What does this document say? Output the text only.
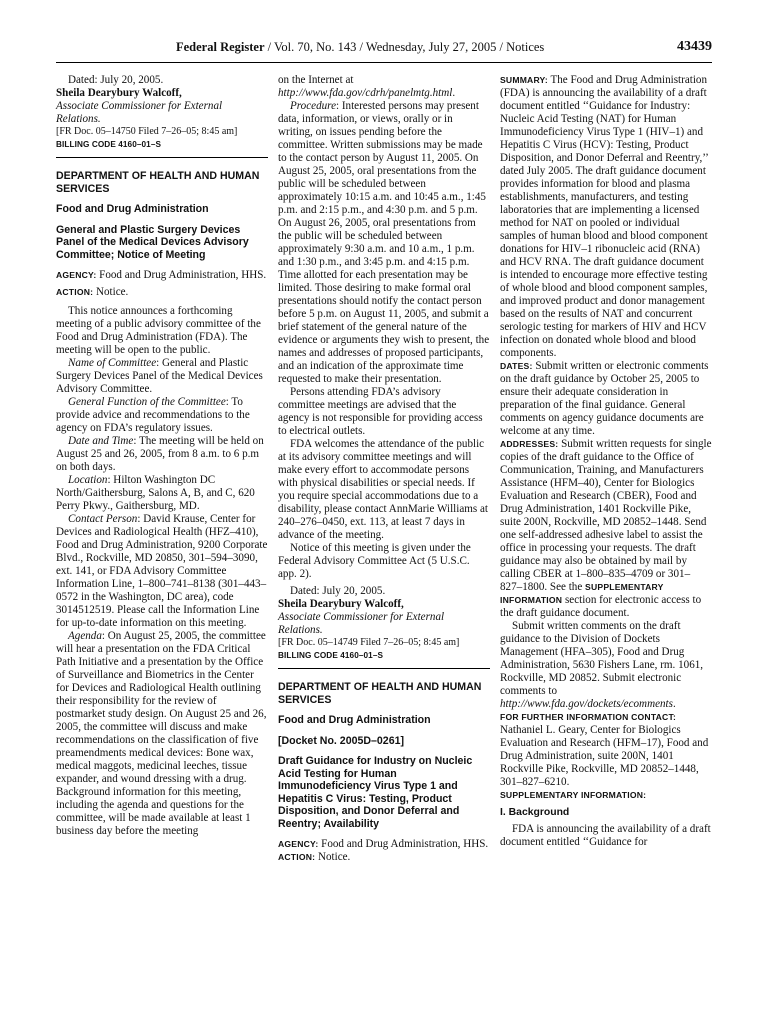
Federal Register / Vol. 70, No. 143 / Wednesday, July 27, 2005 / Notices	43439

Dated: July 20, 2005.

Sheila Dearybury Walcoff,

Associate Commissioner for External Relations.

[FR Doc. 05–14750 Filed 7–26–05; 8:45 am]

BILLING CODE 4160–01–S

DEPARTMENT OF HEALTH AND HUMAN SERVICES

Food and Drug Administration

General and Plastic Surgery Devices Panel of the Medical Devices Advisory Committee; Notice of Meeting

AGENCY: Food and Drug Administration, HHS.

ACTION: Notice.

This notice announces a forthcoming meeting of a public advisory committee of the Food and Drug Administration (FDA). The meeting will be open to the public.

Name of Committee: General and Plastic Surgery Devices Panel of the Medical Devices Advisory Committee.

General Function of the Committee: To provide advice and recommendations to the agency on FDA’s regulatory issues.

Date and Time: The meeting will be held on August 25 and 26, 2005, from 8 a.m. to 6 p.m on both days.

Location: Hilton Washington DC North/Gaithersburg, Salons A, B, and C, 620 Perry Pkwy., Gaithersburg, MD.

Contact Person: David Krause, Center for Devices and Radiological Health (HFZ–410), Food and Drug Administration, 9200 Corporate Blvd., Rockville, MD 20850, 301–594–3090, ext. 141, or FDA Advisory Committee Information Line, 1–800–741–8138 (301–443–0572 in the Washington, DC area), code 3014512519. Please call the Information Line for up-to-date information on this meeting.

Agenda: On August 25, 2005, the committee will hear a presentation on the FDA Critical Path Initiative and a presentation by the Office of Surveillance and Biometrics in the Center for Devices and Radiological Health outlining their responsibility for the review of postmarket study design. On August 25 and 26, 2005, the committee will discuss and make recommendations on the classification of five preamendments medical devices: Bone wax, medical maggots, medicinal leeches, tissue expander, and wound dressing with a drug. Background information for this meeting, including the agenda and questions for the committee, will be made available at least 1 business day before the meeting

on the Internet at http://www.fda.gov/cdrh/panelmtg.html.

Procedure: Interested persons may present data, information, or views, orally or in writing, on issues pending before the committee. Written submissions may be made to the contact person by August 11, 2005. On August 25, 2005, oral presentations from the public will be scheduled between approximately 10:15 a.m. and 10:45 a.m., 1:45 p.m. and 2:15 p.m., and 4:30 p.m. and 5 p.m. On August 26, 2005, oral presentations from the public will be scheduled between approximately 9:30 a.m. and 10 a.m., 1 p.m. and 1:30 p.m., and 3:45 p.m. and 4:15 p.m. Time allotted for each presentation may be limited. Those desiring to make formal oral presentations should notify the contact person before 5 p.m. on August 11, 2005, and submit a brief statement of the general nature of the evidence or arguments they wish to present, the names and addresses of proposed participants, and an indication of the approximate time requested to make their presentation.

Persons attending FDA’s advisory committee meetings are advised that the agency is not responsible for providing access to electrical outlets.

FDA welcomes the attendance of the public at its advisory committee meetings and will make every effort to accommodate persons with physical disabilities or special needs. If you require special accommodations due to a disability, please contact AnnMarie Williams at 240–276–0450, ext. 113, at least 7 days in advance of the meeting.

Notice of this meeting is given under the Federal Advisory Committee Act (5 U.S.C. app. 2).

Dated: July 20, 2005.

Sheila Dearybury Walcoff,

Associate Commissioner for External Relations.

[FR Doc. 05–14749 Filed 7–26–05; 8:45 am]

BILLING CODE 4160–01–S

DEPARTMENT OF HEALTH AND HUMAN SERVICES

Food and Drug Administration

[Docket No. 2005D–0261]

Draft Guidance for Industry on Nucleic Acid Testing for Human Immunodeficiency Virus Type 1 and Hepatitis C Virus: Testing, Product Disposition, and Donor Deferral and Reentry; Availability

AGENCY: Food and Drug Administration, HHS.

ACTION: Notice.

SUMMARY: The Food and Drug Administration (FDA) is announcing the availability of a draft document entitled ‘‘Guidance for Industry: Nucleic Acid Testing (NAT) for Human Immunodeficiency Virus Type 1 (HIV–1) and Hepatitis C Virus (HCV): Testing, Product Disposition, and Donor Deferral and Reentry,’’ dated July 2005. The draft guidance document provides information for blood and plasma establishments, manufacturers, and testing laboratories that are implementing a licensed method for NAT on pooled or individual samples of human blood and blood component donations for HIV–1 ribonucleic acid (RNA) and HCV RNA. The draft guidance document is intended to encourage more effective testing of whole blood and blood component samples, and improved product and donor management based on the results of NAT and concurrent serologic testing for markers of HIV and HCV infection on donated whole blood and blood components.

DATES: Submit written or electronic comments on the draft guidance by October 25, 2005 to ensure their adequate consideration in preparation of the final guidance. General comments on agency guidance documents are welcome at any time.

ADDRESSES: Submit written requests for single copies of the draft guidance to the Office of Communication, Training, and Manufacturers Assistance (HFM–40), Center for Biologics Evaluation and Research (CBER), Food and Drug Administration, 1401 Rockville Pike, suite 200N, Rockville, MD 20852–1448. Send one self-addressed adhesive label to assist the office in processing your requests. The draft guidance may also be obtained by mail by calling CBER at 1–800–835–4709 or 301–827–1800. See the SUPPLEMENTARY INFORMATION section for electronic access to the draft guidance document.

Submit written comments on the draft guidance to the Division of Dockets Management (HFA–305), Food and Drug Administration, 5630 Fishers Lane, rm. 1061, Rockville, MD 20852. Submit electronic comments to http://www.fda.gov/dockets/ecomments.

FOR FURTHER INFORMATION CONTACT: Nathaniel L. Geary, Center for Biologics Evaluation and Research (HFM–17), Food and Drug Administration, suite 200N, 1401 Rockville Pike, Rockville, MD 20852–1448, 301–827–6210.

SUPPLEMENTARY INFORMATION:

I. Background

FDA is announcing the availability of a draft document entitled ‘‘Guidance for
